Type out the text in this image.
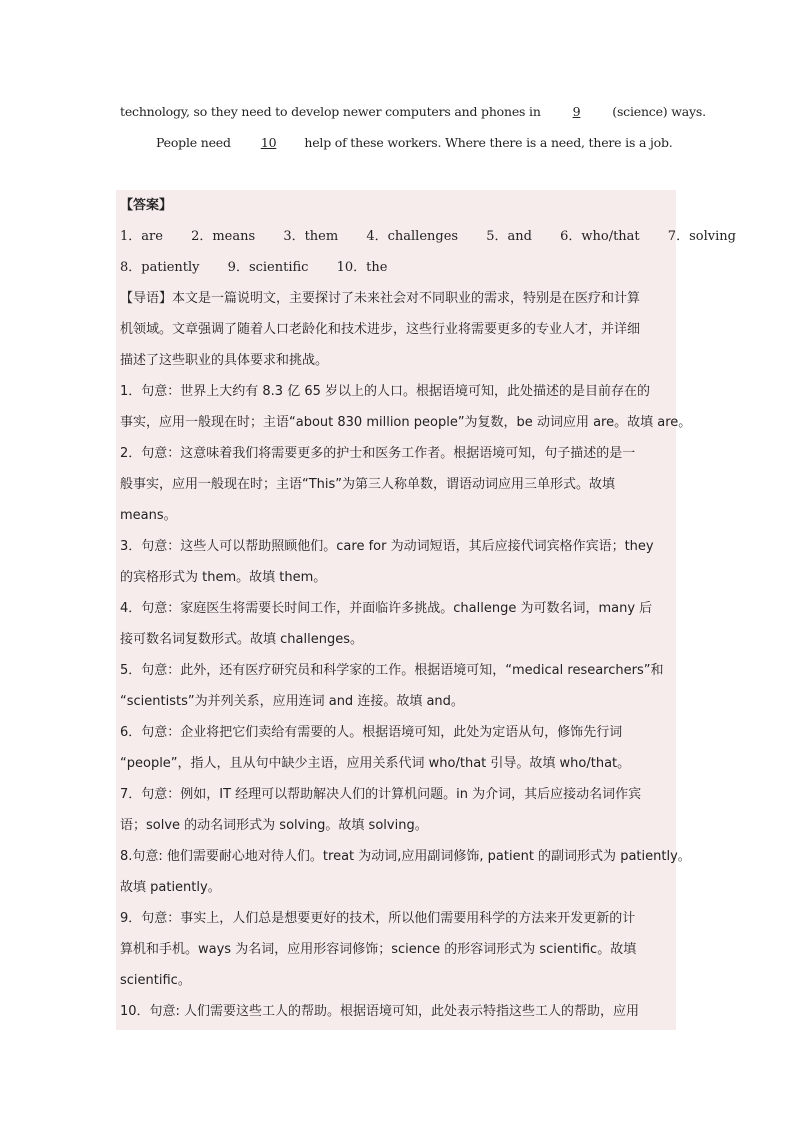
technology, so they need to develop newer computers and phones in	9	(science) ways.
People need 10 help of these workers. Where there is a need, there is a job.
【答案】
1．are 2．means 3．them 4．challenges 5．and 6．who/that 7．solving
8．patiently 9．scientific 10．the
【导语】本文是一篇说明文，主要探讨了未来社会对不同职业的需求，特别是在医疗和计算
机领域。文章强调了随着人口老龄化和技术进步，这些行业将需要更多的专业人才，并详细
描述了这些职业的具体要求和挑战。
1．句意：世界上大约有 8.3 亿 65 岁以上的人口。根据语境可知，此处描述的是目前存在的
事实，应用一般现在时；主语“about 830 million people”为复数，be 动词应用 are。故填 are。
2．句意：这意味着我们将需要更多的护士和医务工作者。根据语境可知，句子描述的是一
般事实，应用一般现在时；主语“This”为第三人称单数，谓语动词应用三单形式。故填
means。
3．句意：这些人可以帮助照顾他们。care for 为动词短语，其后应接代词宾格作宾语；they
的宾格形式为 them。故填 them。
4．句意：家庭医生将需要长时间工作，并面临许多挑战。challenge 为可数名词，many 后
接可数名词复数形式。故填 challenges。
5．句意：此外，还有医疗研究员和科学家的工作。根据语境可知，“medical researchers”和
“scientists”为并列关系，应用连词 and 连接。故填 and。
6．句意：企业将把它们卖给有需要的人。根据语境可知，此处为定语从句，修饰先行词
“people”，指人，且从句中缺少主语，应用关系代词 who/that 引导。故填 who/that。
7．句意：例如，IT 经理可以帮助解决人们的计算机问题。in 为介词，其后应接动名词作宾
语；solve 的动名词形式为 solving。故填 solving。
8.句意: 他们需要耐心地对待人们。treat 为动词,应用副词修饰, patient 的副词形式为 patiently。
故填 patiently。
9．句意：事实上，人们总是想要更好的技术，所以他们需要用科学的方法来开发更新的计
算机和手机。ways 为名词，应用形容词修饰；science 的形容词形式为 scientific。故填
scientific。
10．句意: 人们需要这些工人的帮助。根据语境可知，此处表示特指这些工人的帮助，应用
